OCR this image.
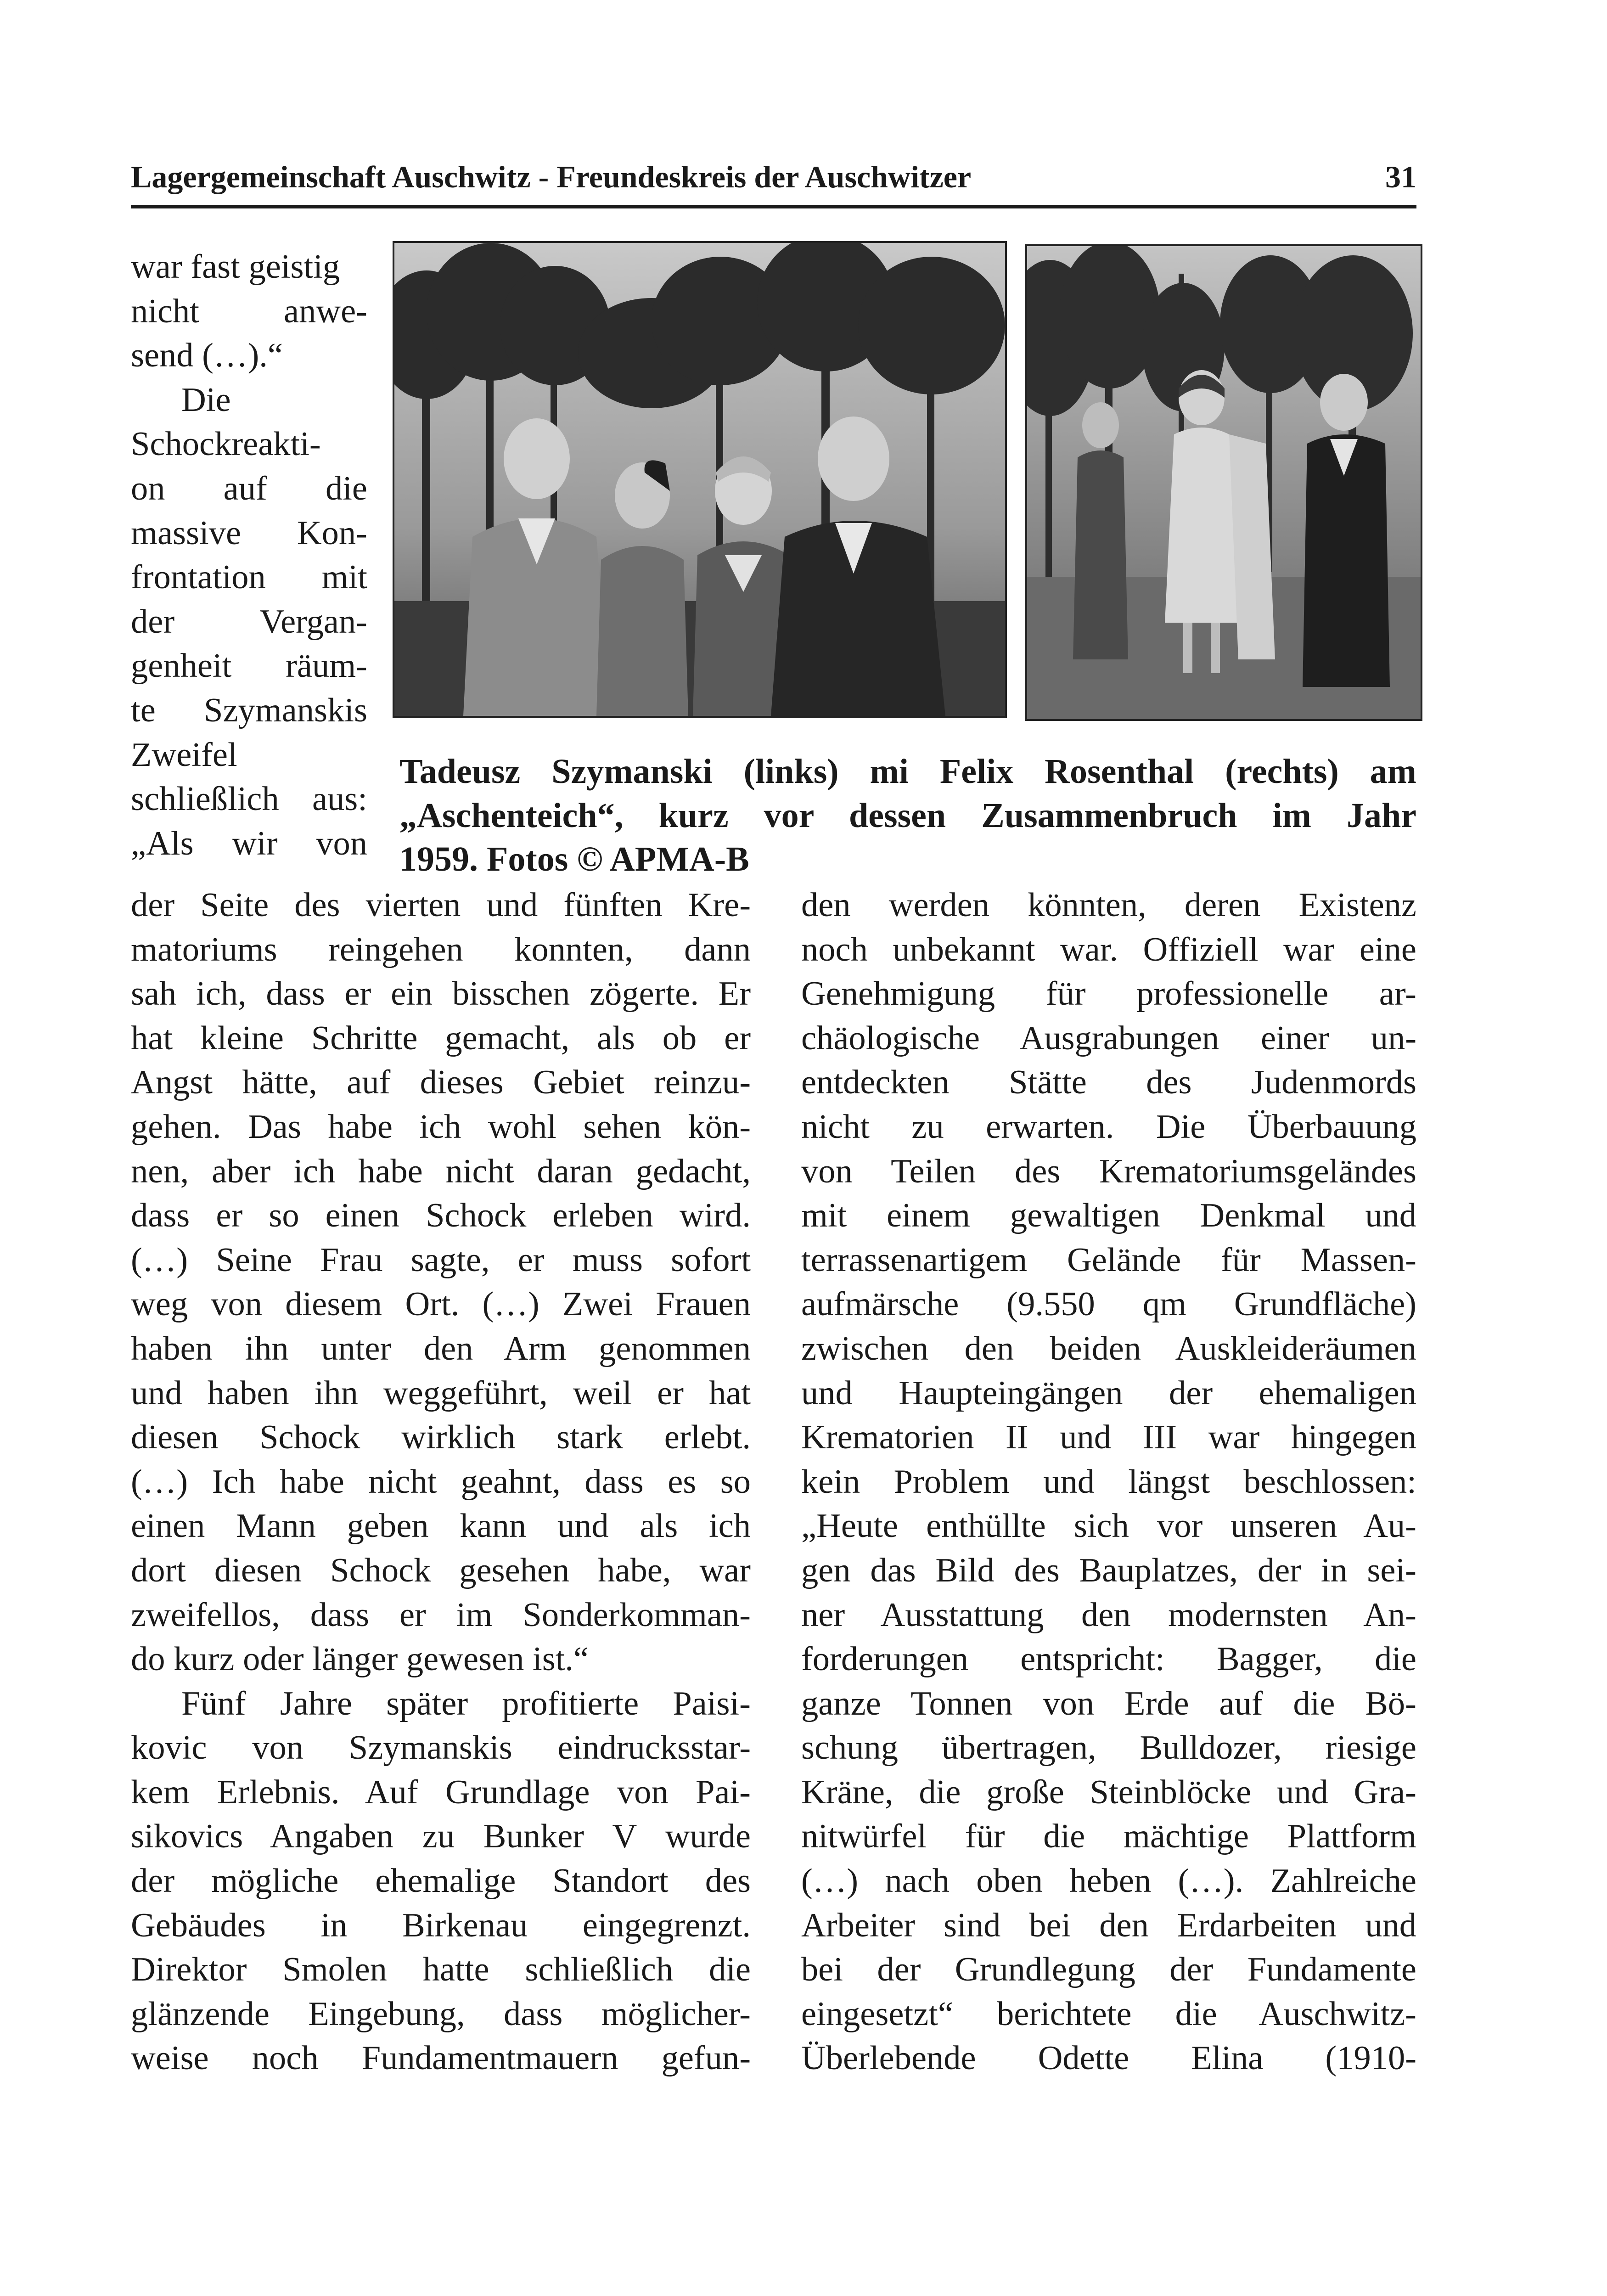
Lagergemeinschaft Auschwitz - Freundeskreis der Auschwitzer	31

war fast geistig

nicht anwe-

send (…).“

Die

Schockreakti-

on auf die

massive Kon-

frontation mit

der Vergan-

genheit räum-

te Szymanskis

Zweifel

schließlich aus:

„Als wir von

Tadeusz Szymanski (links) mi Felix Rosenthal (rechts) am

„Aschenteich“, kurz vor dessen Zusammenbruch im Jahr

1959. Fotos © APMA-B

der Seite des vierten und fünften Kre-

matoriums reingehen konnten, dann

sah ich, dass er ein bisschen zögerte. Er

hat kleine Schritte gemacht, als ob er

Angst hätte, auf dieses Gebiet reinzu-

gehen. Das habe ich wohl sehen kön-

nen, aber ich habe nicht daran gedacht,

dass er so einen Schock erleben wird.

(…) Seine Frau sagte, er muss sofort

weg von diesem Ort. (…) Zwei Frauen

haben ihn unter den Arm genommen

und haben ihn weggeführt, weil er hat

diesen Schock wirklich stark erlebt.

(…) Ich habe nicht geahnt, dass es so

einen Mann geben kann und als ich

dort diesen Schock gesehen habe, war

zweifellos, dass er im Sonderkomman-

do kurz oder länger gewesen ist.“

Fünf Jahre später profitierte Paisi-

kovic von Szymanskis eindrucksstar-

kem Erlebnis. Auf Grundlage von Pai-

sikovics Angaben zu Bunker V wurde

der mögliche ehemalige Standort des

Gebäudes in Birkenau eingegrenzt.

Direktor Smolen hatte schließlich die

glänzende Eingebung, dass möglicher-

weise noch Fundamentmauern gefun-

den werden könnten, deren Existenz

noch unbekannt war. Offiziell war eine

Genehmigung für professionelle ar-

chäologische Ausgrabungen einer un-

entdeckten Stätte des Judenmords

nicht zu erwarten. Die Überbauung

von Teilen des Krematoriumsgeländes

mit einem gewaltigen Denkmal und

terrassenartigem Gelände für Massen-

aufmärsche (9.550 qm Grundfläche)

zwischen den beiden Auskleideräumen

und Haupteingängen der ehemaligen

Krematorien II und III war hingegen

kein Problem und längst beschlossen:

„Heute enthüllte sich vor unseren Au-

gen das Bild des Bauplatzes, der in sei-

ner Ausstattung den modernsten An-

forderungen entspricht: Bagger, die

ganze Tonnen von Erde auf die Bö-

schung übertragen, Bulldozer, riesige

Kräne, die große Steinblöcke und Gra-

nitwürfel für die mächtige Plattform

(…) nach oben heben (…). Zahlreiche

Arbeiter sind bei den Erdarbeiten und

bei der Grundlegung der Fundamente

eingesetzt“ berichtete die Auschwitz-

Überlebende Odette Elina (1910-
